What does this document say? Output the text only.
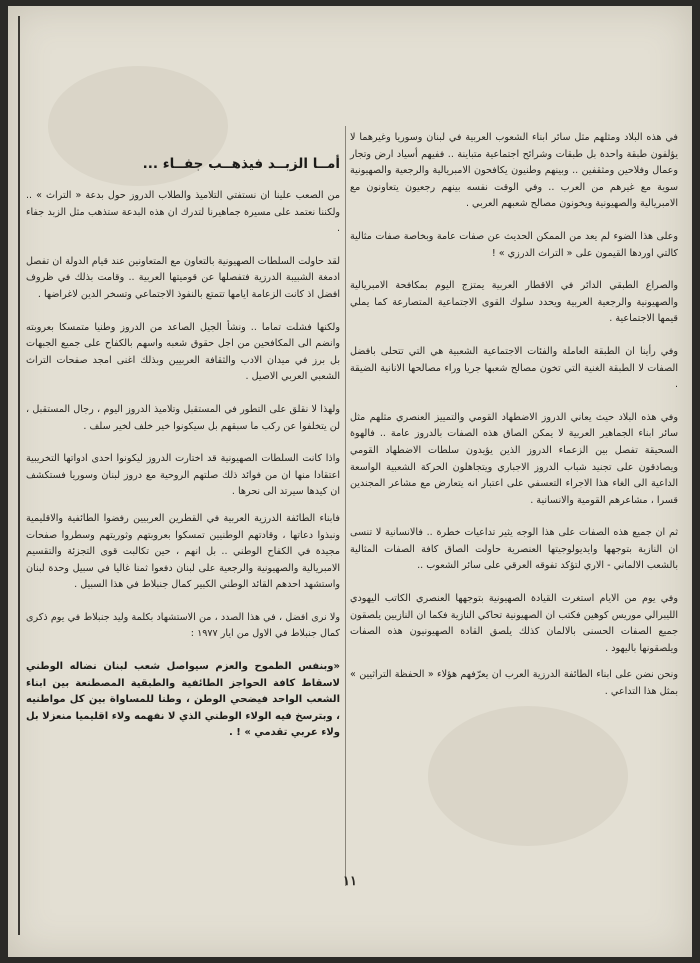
في هذه البلاد ومثلهم مثل سائر ابناء الشعوب العربية في لبنان وسوريا وغيرهما لا يؤلفون طبقة واحدة بل طبقات وشرائح اجتماعية متباينة .. ففيهم أسياد ارض وتجار وعمال وفلاحين ومثقفين .. وبينهم وطنيون يكافحون الامبريالية والرجعية والصهيونية سوية مع غيرهم من العرب .. وفي الوقت نفسه بينهم رجعيون يتعاونون مع الامبريالية والصهيونية ويخونون مصالح شعبهم العربي .

وعلى هذا الضوء لم يعد من الممكن الحديث عن صفات عامة وبخاصة صفات مثالية كالتي اوردها القيمون على « التراث الدرزي » !

والصراع الطبقي الدائر في الاقطار العربية يمتزج اليوم بمكافحة الامبريالية والصهيونية والرجعية العربية ويحدد سلوك القوى الاجتماعية المتصارعة كما يملي قيمها الاجتماعية .

وفي رأينا ان الطبقة العاملة والفئات الاجتماعية الشعبية هي التي تتحلى بافضل الصفات لا الطبقة الغنية التي تخون مصالح شعبها جريا وراء مصالحها الانانية الضيقة .

وفي هذه البلاد حيث يعاني الدروز الاضطهاد القومي والتمييز العنصري مثلهم مثل سائر ابناء الجماهير العربية لا يمكن الصاق هذه الصفات بالدروز عامة .. فالهوة السحيقة تفصل بين الزعماء الدروز الذين يؤيدون سلطات الاضطهاد القومي ويصادقون على تجنيد شباب الدروز الاجباري ويتجاهلون الحركة الشعبية الواسعة الداعية الى الغاء هذا الاجراء التعسفي على اعتبار انه يتعارض مع مشاعر المجندين قسرا ، مشاعرهم القومية والانسانية .

ثم ان جميع هذه الصفات على هذا الوجه يثير تداعيات خطرة .. فالانسانية لا تنسى ان النازية بتوجهها وايديولوجيتها العنصرية حاولت الصاق كافة الصفات المثالية بالشعب الالماني - الاري لتؤكد تفوقه العرقي على سائر الشعوب ..

وفي يوم من الايام استغرت القيادة الصهيونية بتوجهها العنصري الكاتب اليهودي الليبرالي موريس كوهين فكتب ان الصهيونية تحاكي النازية فكما ان النازيين يلصقون جميع الصفات الحسنى بالالمان كذلك يلصق القادة الصهيونيون هذه الصفات ويلصقونها باليهود .

ونحن نضن على ابناء الطائفة الدرزية العرب ان يعرّفهم هؤلاء « الحفظة التراثيين » بمثل هذا التداعي .

أمــا الزبــد فيذهــب جفــاء ...

من الصعب علينا ان نستفتي التلاميذ والطلاب الدروز حول بدعة « التراث » .. ولكننا نعتمد على مسيرة جماهيرنا لتدرك ان هذه البدعة ستذهب مثل الزبد جفاء .

لقد حاولت السلطات الصهيونية بالتعاون مع المتعاونين عند قيام الدولة ان تفصل ادمغة الشبيبة الدرزية فتفصلها عن قوميتها العربية .. وقامت بذلك في ظروف افضل اذ كانت الزعامة ايامها تتمتع بالنفوذ الاجتماعي وتسخر الدين لاغراضها .

ولكنها فشلت تماما .. ونشأ الجيل الصاعد من الدروز وطنيا متمسكا بعروبته وانضم الى المكافحين من اجل حقوق شعبه واسهم بالكفاح على جميع الجبهات بل برز في ميدان الادب والثقافة العربيين وبذلك اغنى امجد صفحات التراث الشعبي العربي الاصيل .

ولهذا لا نقلق على التطور في المستقبل وتلاميذ الدروز اليوم ، رجال المستقبل ، لن يتخلفوا عن ركب ما سبقهم بل سيكونوا خير خلف لخير سلف .

واذا كانت السلطات الصهيونية قد اختارت الدروز ليكونوا احدى ادواتها التخريبية اعتقادا منها ان من فوائد ذلك صلتهم الروحية مع دروز لبنان وسوريا فستكشف ان كيدها سيرتد الى نحرها .

فابناء الطائفة الدرزية العربية في القطرين العربيين رفضوا الطائفية والاقليمية ونبذوا دعاتها ، وقادتهم الوطنيين تمسكوا بعروبتهم وثوريتهم وسطروا صفحات مجيدة في الكفاح الوطني .. بل انهم ، حين تكالبت قوى التجزئة والتقسيم الامبريالية والصهيونية والرجعية على لبنان دفعوا ثمنا غاليا في سبيل وحدة لبنان واستشهد احدهم القائد الوطني الكبير كمال جنبلاط في هذا السبيل .

ولا نرى افضل ، في هذا الصدد ، من الاستشهاد بكلمة وليد جنبلاط في يوم ذكرى كمال جنبلاط في الاول من ايار ١٩٧٧ :

«وبنفس الطموح والعزم سيواصل شعب لبنان نضاله الوطني لاسقاط كافة الحواجز الطائفية والطبقية المصطنعة بين ابناء الشعب الواحد فيضحي الوطن ، وطنا للمساواة بين كل مواطنيه ، وبترسخ فيه الولاء الوطني الذي لا نفهمه ولاء اقليميا منعزلا بل ولاء عربي تقدمي » ! .

١١
